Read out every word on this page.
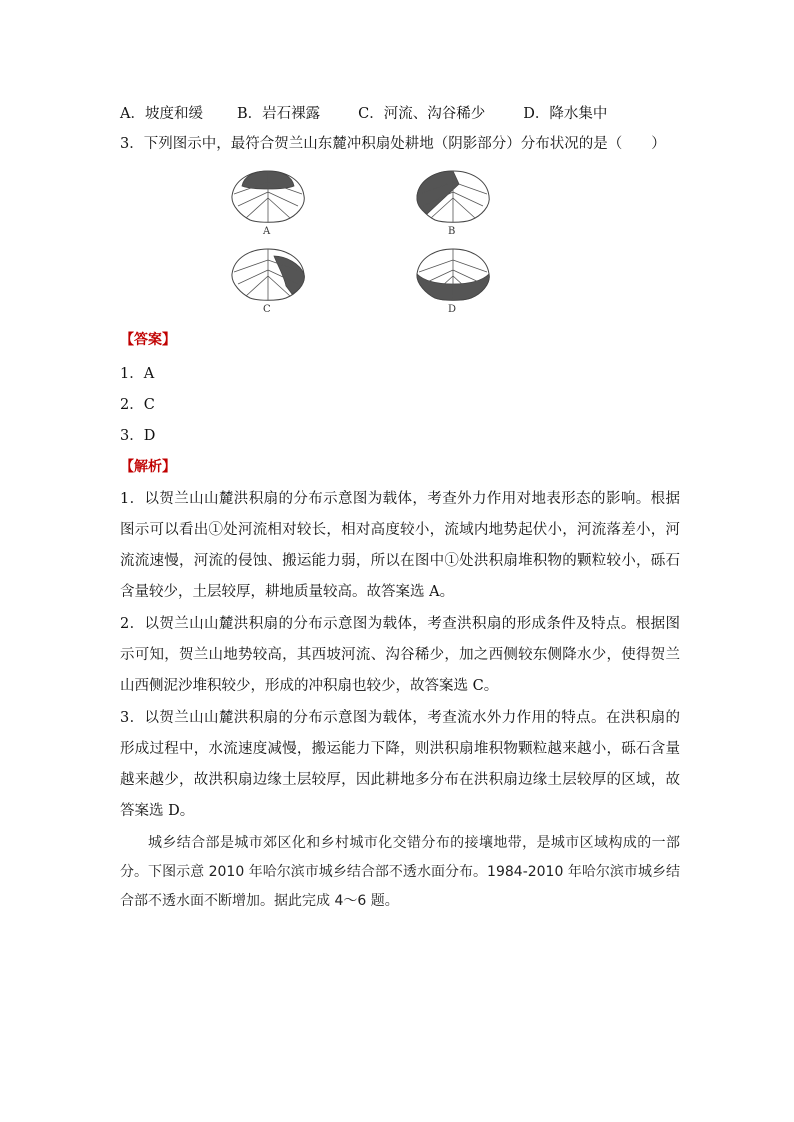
A．坡度和缓 B．岩石裸露	C．河流、沟谷稀少	D．降水集中
3．下列图示中，最符合贺兰山东麓冲积扇处耕地（阴影部分）分布状况的是（　　）
A	B
C	D
【答案】
1．A
2．C
3．D
【解析】
1．以贺兰山山麓洪积扇的分布示意图为载体，考查外力作用对地表形态的影响。根据图示可以看出①处河流相对较长，相对高度较小，流域内地势起伏小，河流落差小，河流流速慢，河流的侵蚀、搬运能力弱，所以在图中①处洪积扇堆积物的颗粒较小，砾石含量较少，土层较厚，耕地质量较高。故答案选 A。
2．以贺兰山山麓洪积扇的分布示意图为载体，考查洪积扇的形成条件及特点。根据图示可知，贺兰山地势较高，其西坡河流、沟谷稀少，加之西侧较东侧降水少，使得贺兰山西侧泥沙堆积较少，形成的冲积扇也较少，故答案选 C。
3．以贺兰山山麓洪积扇的分布示意图为载体，考查流水外力作用的特点。在洪积扇的形成过程中，水流速度减慢，搬运能力下降，则洪积扇堆积物颗粒越来越小，砾石含量越来越少，故洪积扇边缘土层较厚，因此耕地多分布在洪积扇边缘土层较厚的区域，故答案选 D。
城乡结合部是城市郊区化和乡村城市化交错分布的接壤地带，是城市区域构成的一部分。下图示意 2010 年哈尔滨市城乡结合部不透水面分布。1984-2010 年哈尔滨市城乡结合部不透水面不断增加。据此完成 4～6 题。
